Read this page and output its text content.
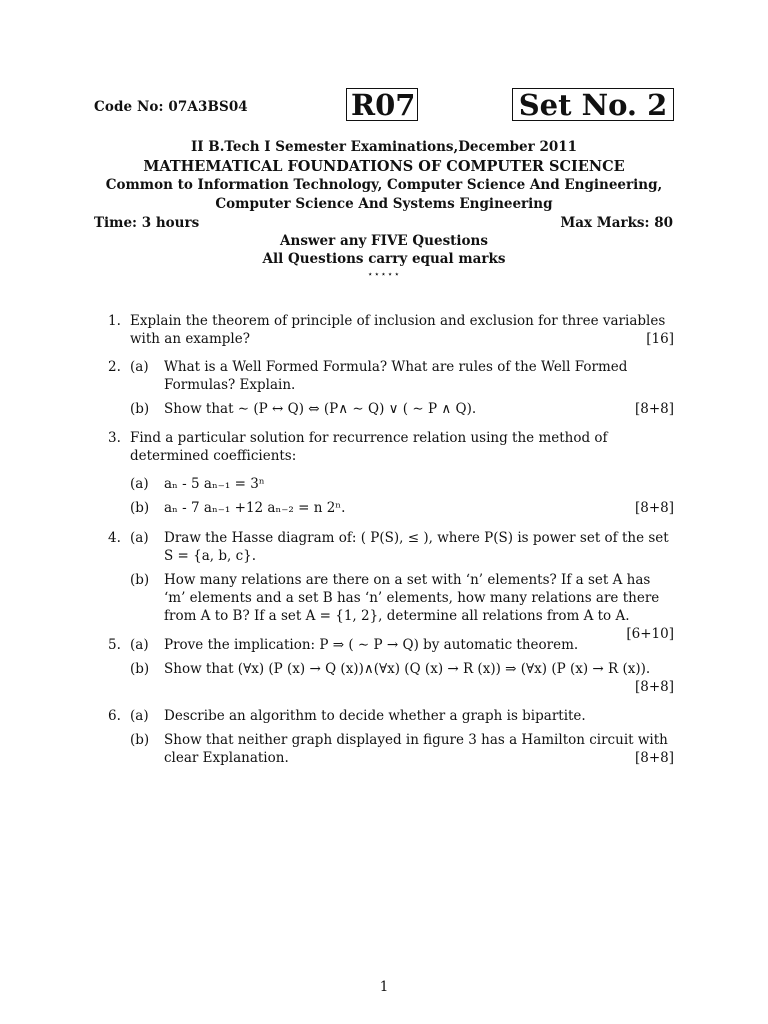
Code No: 07A3BS04	R07	Set No. 2
II B.Tech I Semester Examinations,December 2011
MATHEMATICAL FOUNDATIONS OF COMPUTER SCIENCE
Common to Information Technology, Computer Science And Engineering,
Computer Science And Systems Engineering
Time: 3 hours	Max Marks: 80
Answer any FIVE Questions
All Questions carry equal marks
⋆⋆⋆⋆⋆
1. Explain the theorem of principle of inclusion and exclusion for three variables with an example?	[16]
2. (a)	What is a Well Formed Formula? What are rules of the Well Formed Formulas? Explain.
(b)	Show that ∼ (P ↔ Q) ⇔ (P∧ ∼ Q) ∨ ( ∼ P ∧ Q).	[8+8]
3. Find a particular solution for recurrence relation using the method of determined coefficients:
(a)	aₙ - 5 aₙ₋₁ = 3ⁿ
(b)	aₙ - 7 aₙ₋₁ +12 aₙ₋₂ = n 2ⁿ.	[8+8]
4. (a)	Draw the Hasse diagram of: ( P(S), ≤ ), where P(S) is power set of the set S = {a, b, c}.
(b)	How many relations are there on a set with ‘n’ elements? If a set A has ‘m’ elements and a set B has ‘n’ elements, how many relations are there from A to B? If a set A = {1, 2}, determine all relations from A to A.
[6+10]
5. (a)	Prove the implication: P ⇒ ( ∼ P → Q) by automatic theorem.
(b)	Show that (∀x) (P (x) → Q (x))∧(∀x) (Q (x) → R (x)) ⇒ (∀x) (P (x) → R (x)).
[8+8]
6. (a)	Describe an algorithm to decide whether a graph is bipartite.
(b)	Show that neither graph displayed in figure 3 has a Hamilton circuit with clear Explanation.	[8+8]
1
